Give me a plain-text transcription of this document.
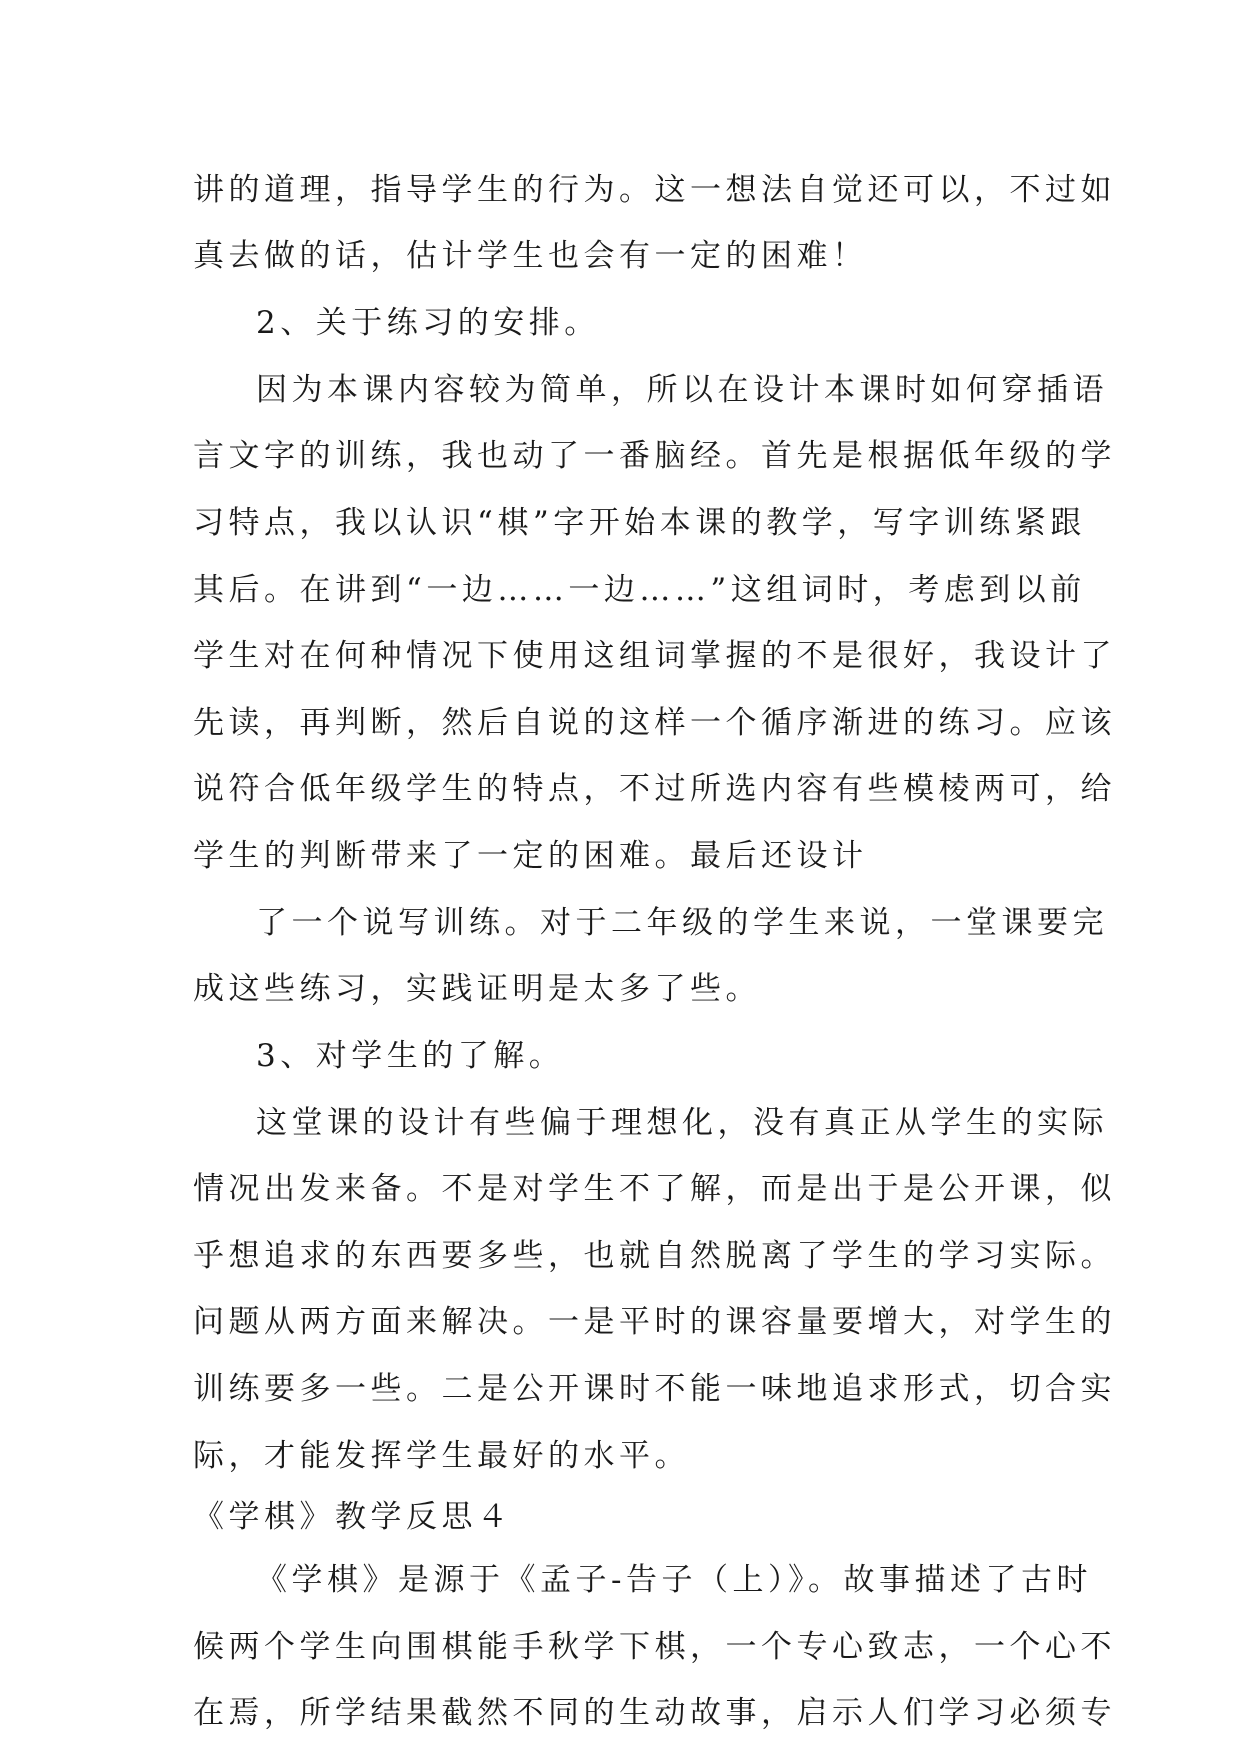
讲的道理，指导学生的行为。这一想法自觉还可以，不过如
真去做的话，估计学生也会有一定的困难！
2、关于练习的安排。
因为本课内容较为简单，所以在设计本课时如何穿插语
言文字的训练，我也动了一番脑经。首先是根据低年级的学
习特点，我以认识“棋”字开始本课的教学，写字训练紧跟
其后。在讲到“一边……一边……”这组词时，考虑到以前
学生对在何种情况下使用这组词掌握的不是很好，我设计了
先读，再判断，然后自说的这样一个循序渐进的练习。应该
说符合低年级学生的特点，不过所选内容有些模棱两可，给
学生的判断带来了一定的困难。最后还设计
了一个说写训练。对于二年级的学生来说，一堂课要完
成这些练习，实践证明是太多了些。
3、对学生的了解。
这堂课的设计有些偏于理想化，没有真正从学生的实际
情况出发来备。不是对学生不了解，而是出于是公开课，似
乎想追求的东西要多些，也就自然脱离了学生的学习实际。
问题从两方面来解决。一是平时的课容量要增大，对学生的
训练要多一些。二是公开课时不能一味地追求形式，切合实
际，才能发挥学生最好的水平。
《学棋》教学反思４
《学棋》是源于《孟子-告子（上）》。故事描述了古时
候两个学生向围棋能手秋学下棋，一个专心致志，一个心不
在焉，所学结果截然不同的生动故事，启示人们学习必须专
